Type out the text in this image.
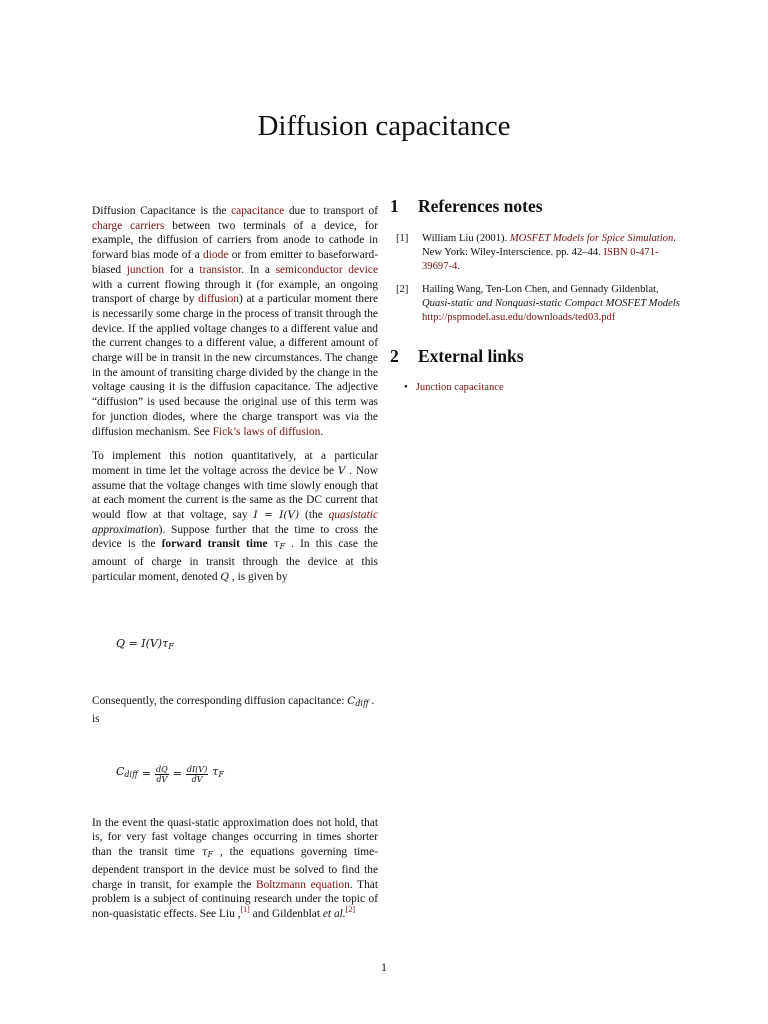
Diffusion capacitance

Diffusion Capacitance is the capacitance due to transport of charge carriers between two terminals of a device, for example, the diffusion of carriers from anode to cathode in forward bias mode of a diode or from emitter to baseforward-biased junction for a transistor. In a semiconductor device with a current flowing through it (for example, an ongoing transport of charge by diffusion) at a particular moment there is necessarily some charge in the process of transit through the device. If the applied voltage changes to a different value and the current changes to a different value, a different amount of charge will be in transit in the new circumstances. The change in the amount of transiting charge divided by the change in the voltage causing it is the diffusion capacitance. The adjective “diffusion” is used because the original use of this term was for junction diodes, where the charge transport was via the diffusion mechanism. See Fick’s laws of diffusion.

To implement this notion quantitatively, at a particular moment in time let the voltage across the device be V . Now assume that the voltage changes with time slowly enough that at each moment the current is the same as the DC current that would flow at that voltage, say I = I(V) (the quasistatic approximation). Suppose further that the time to cross the device is the forward transit time τF . In this case the amount of charge in transit through the device at this particular moment, denoted Q , is given by

Q = I(V)τF

Consequently, the corresponding diffusion capacitance: Cdiff . is

Cdiff = $\frac{dQ}{dV} = \frac{dI(V)}{dV}$ τF

In the event the quasi-static approximation does not hold, that is, for very fast voltage changes occurring in times shorter than the transit time τF , the equations governing time-dependent transport in the device must be solved to find the charge in transit, for example the Boltzmann equation. That problem is a subject of continuing research under the topic of non-quasistatic effects. See Liu ,[1] and Gildenblat et al.[2]

1 References notes
[1]	William Liu (2001). MOSFET Models for Spice Simulation. New York: Wiley-Interscience. pp. 42–44. ISBN 0-471-39697-4.
[2]	Hailing Wang, Ten-Lon Chen, and Gennady Gildenblat, Quasi-static and Nonquasi-static Compact MOSFET Models http://pspmodel.asu.edu/downloads/ted03.pdf
2 External links
• Junction capacitance
1
